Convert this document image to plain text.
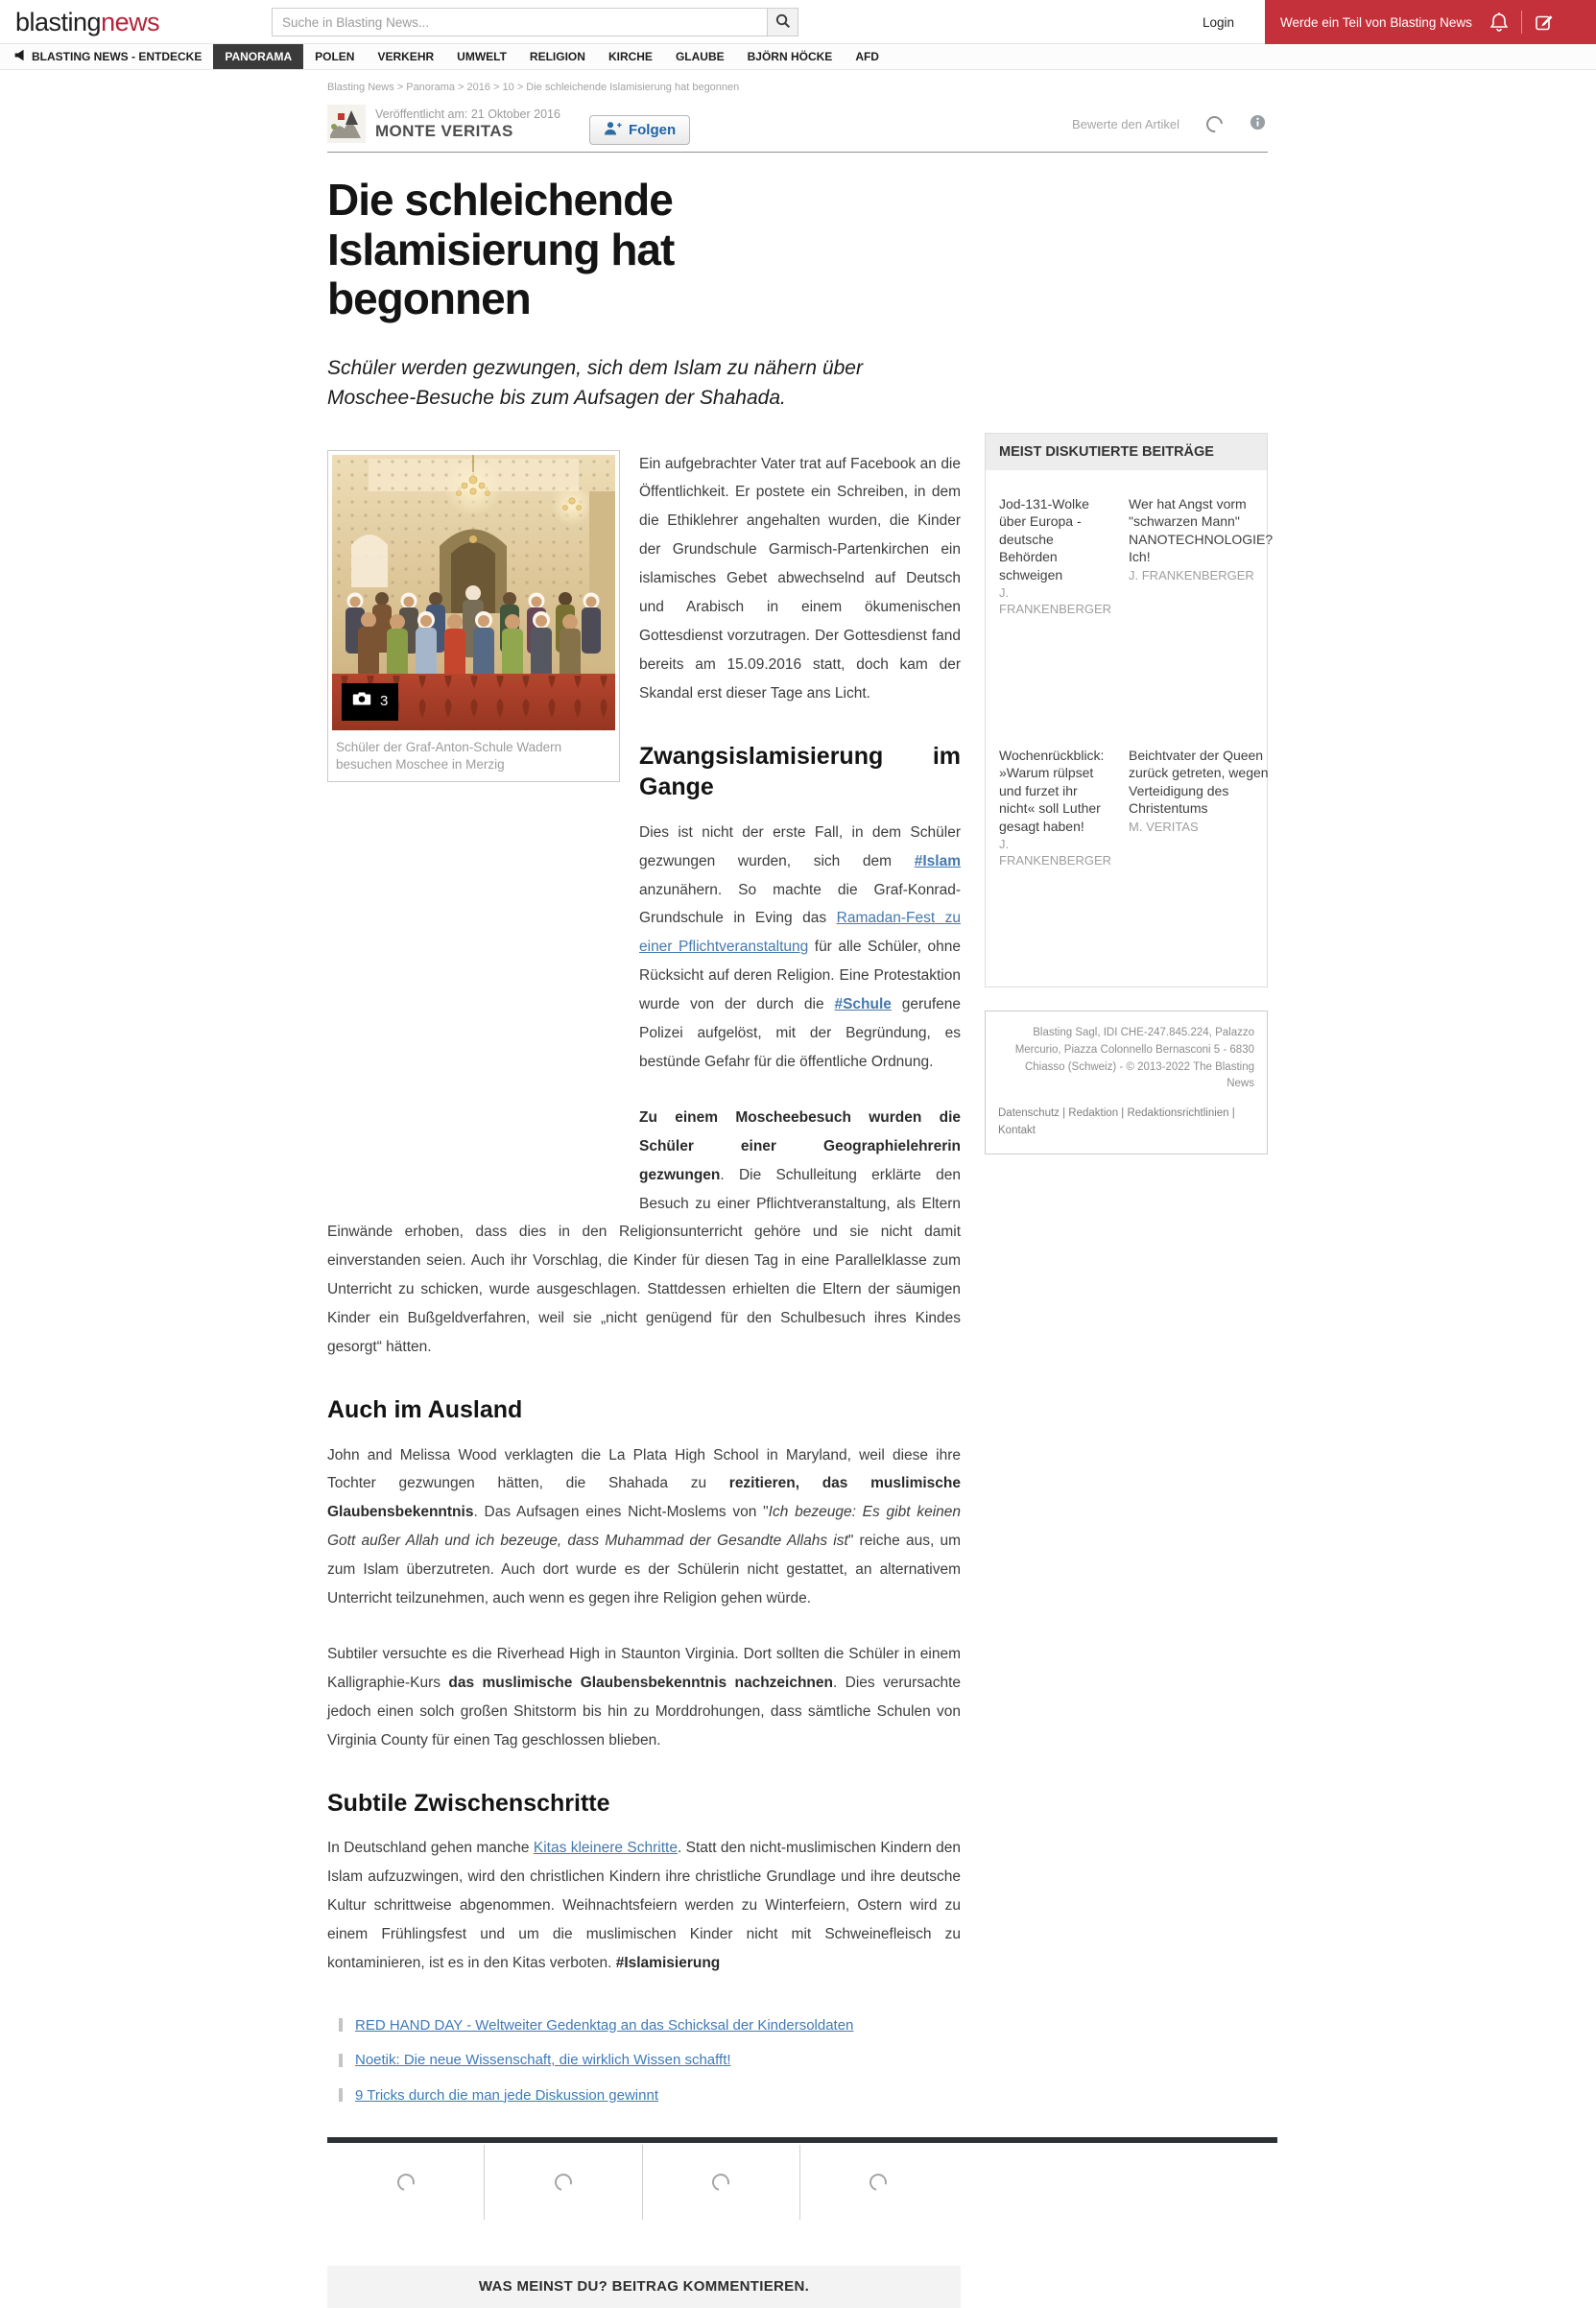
blastingnews
Suche in Blasting News...	Login	Werde ein Teil von Blasting News
BLASTING NEWS - ENTDECKE	PANORAMA	POLEN	VERKEHR	UMWELT	RELIGION	KIRCHE	GLAUBE	BJÖRN HÖCKE	AFD
Blasting News > Panorama > 2016 > 10 > Die schleichende Islamisierung hat begonnen
Veröffentlicht am: 21 Oktober 2016
MONTE VERITAS	Folgen	Bewerte den Artikel
Die schleichende Islamisierung hat begonnen

Schüler werden gezwungen, sich dem Islam zu nähern über Moschee-Besuche bis zum Aufsagen der Shahada.

3
Schüler der Graf-Anton-Schule Wadern besuchen Moschee in Merzig

Ein aufgebrachter Vater trat auf Facebook an die Öffentlichkeit. Er postete ein Schreiben, in dem die Ethiklehrer angehalten wurden, die Kinder der Grundschule Garmisch-Partenkirchen ein islamisches Gebet abwechselnd auf Deutsch und Arabisch in einem ökumenischen Gottesdienst vorzutragen. Der Gottesdienst fand bereits am 15.09.2016 statt, doch kam der Skandal erst dieser Tage ans Licht.

Zwangsislamisierung im Gange

Dies ist nicht der erste Fall, in dem Schüler gezwungen wurden, sich dem #Islam anzunähern. So machte die Graf-Konrad-Grundschule in Eving das Ramadan-Fest zu einer Pflichtveranstaltung für alle Schüler, ohne Rücksicht auf deren Religion. Eine Protestaktion wurde von der durch die #Schule gerufene Polizei aufgelöst, mit der Begründung, es bestünde Gefahr für die öffentliche Ordnung.

Zu einem Moscheebesuch wurden die Schüler einer Geographielehrerin gezwungen. Die Schulleitung erklärte den Besuch zu einer Pflichtveranstaltung, als Eltern Einwände erhoben, dass dies in den Religionsunterricht gehöre und sie nicht damit einverstanden seien. Auch ihr Vorschlag, die Kinder für diesen Tag in eine Parallelklasse zum Unterricht zu schicken, wurde ausgeschlagen. Stattdessen erhielten die Eltern der säumigen Kinder ein Bußgeldverfahren, weil sie „nicht genügend für den Schulbesuch ihres Kindes gesorgt“ hätten.

Auch im Ausland

John and Melissa Wood verklagten die La Plata High School in Maryland, weil diese ihre Tochter gezwungen hätten, die Shahada zu rezitieren, das muslimische Glaubensbekenntnis. Das Aufsagen eines Nicht-Moslems von "Ich bezeuge: Es gibt keinen Gott außer Allah und ich bezeuge, dass Muhammad der Gesandte Allahs ist" reiche aus, um zum Islam überzutreten. Auch dort wurde es der Schülerin nicht gestattet, an alternativem Unterricht teilzunehmen, auch wenn es gegen ihre Religion gehen würde.

Subtiler versuchte es die Riverhead High in Staunton Virginia. Dort sollten die Schüler in einem Kalligraphie-Kurs das muslimische Glaubensbekenntnis nachzeichnen. Dies verursachte jedoch einen solch großen Shitstorm bis hin zu Morddrohungen, dass sämtliche Schulen von Virginia County für einen Tag geschlossen blieben.

Subtile Zwischenschritte

In Deutschland gehen manche Kitas kleinere Schritte. Statt den nicht-muslimischen Kindern den Islam aufzuzwingen, wird den christlichen Kindern ihre christliche Grundlage und ihre deutsche Kultur schrittweise abgenommen. Weihnachtsfeiern werden zu Winterfeiern, Ostern wird zu einem Frühlingsfest und um die muslimischen Kinder nicht mit Schweinefleisch zu kontaminieren, ist es in den Kitas verboten. #Islamisierung

RED HAND DAY - Weltweiter Gedenktag an das Schicksal der Kindersoldaten
Noetik: Die neue Wissenschaft, die wirklich Wissen schafft!
9 Tricks durch die man jede Diskussion gewinnt
WAS MEINST DU? BEITRAG KOMMENTIEREN.
MEIST DISKUTIERTE BEITRÄGE
Jod-131-Wolke über Europa - deutsche Behörden schweigen
J. FRANKENBERGER
Wer hat Angst vorm "schwarzen Mann" NANOTECHNOLOGIE? Ich!
J. FRANKENBERGER
Wochenrückblick: »Warum rülpset und furzet ihr nicht« soll Luther gesagt haben!
J. FRANKENBERGER
Beichtvater der Queen zurück getreten, wegen Verteidigung des Christentums
M. VERITAS
Blasting Sagl, IDI CHE-247.845.224, Palazzo Mercurio, Piazza Colonnello Bernasconi 5 - 6830 Chiasso (Schweiz) - © 2013-2022 The Blasting News
Datenschutz | Redaktion | Redaktionsrichtlinien | Kontakt
